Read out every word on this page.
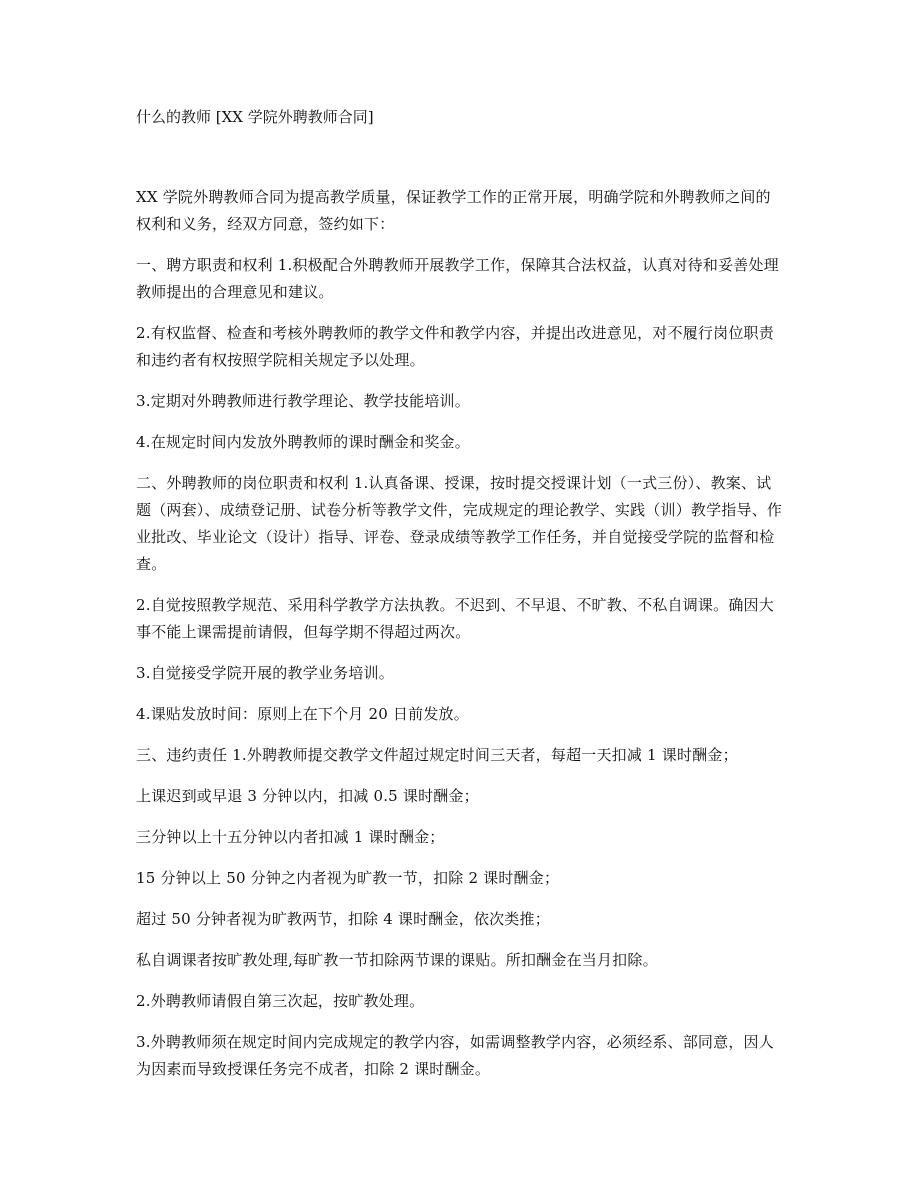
什么的教师 [XX 学院外聘教师合同]

XX 学院外聘教师合同为提高教学质量，保证教学工作的正常开展，明确学院和外聘教师之间的权利和义务，经双方同意，签约如下：

一、聘方职责和权利 1.积极配合外聘教师开展教学工作，保障其合法权益，认真对待和妥善处理教师提出的合理意见和建议。

2.有权监督、检查和考核外聘教师的教学文件和教学内容，并提出改进意见，对不履行岗位职责和违约者有权按照学院相关规定予以处理。

3.定期对外聘教师进行教学理论、教学技能培训。

4.在规定时间内发放外聘教师的课时酬金和奖金。

二、外聘教师的岗位职责和权利 1.认真备课、授课，按时提交授课计划（一式三份）、教案、试题（两套）、成绩登记册、试卷分析等教学文件，完成规定的理论教学、实践（训）教学指导、作业批改、毕业论文（设计）指导、评卷、登录成绩等教学工作任务，并自觉接受学院的监督和检查。

2.自觉按照教学规范、采用科学教学方法执教。不迟到、不早退、不旷教、不私自调课。确因大事不能上课需提前请假，但每学期不得超过两次。

3.自觉接受学院开展的教学业务培训。

4.课贴发放时间：原则上在下个月 20 日前发放。

三、违约责任 1.外聘教师提交教学文件超过规定时间三天者，每超一天扣减 1 课时酬金；

上课迟到或早退 3 分钟以内，扣减 0.5 课时酬金；

三分钟以上十五分钟以内者扣减 1 课时酬金；

15 分钟以上 50 分钟之内者视为旷教一节，扣除 2 课时酬金；

超过 50 分钟者视为旷教两节，扣除 4 课时酬金，依次类推；

私自调课者按旷教处理,每旷教一节扣除两节课的课贴。所扣酬金在当月扣除。

2.外聘教师请假自第三次起，按旷教处理。

3.外聘教师须在规定时间内完成规定的教学内容，如需调整教学内容，必须经系、部同意，因人为因素而导致授课任务完不成者，扣除 2 课时酬金。
